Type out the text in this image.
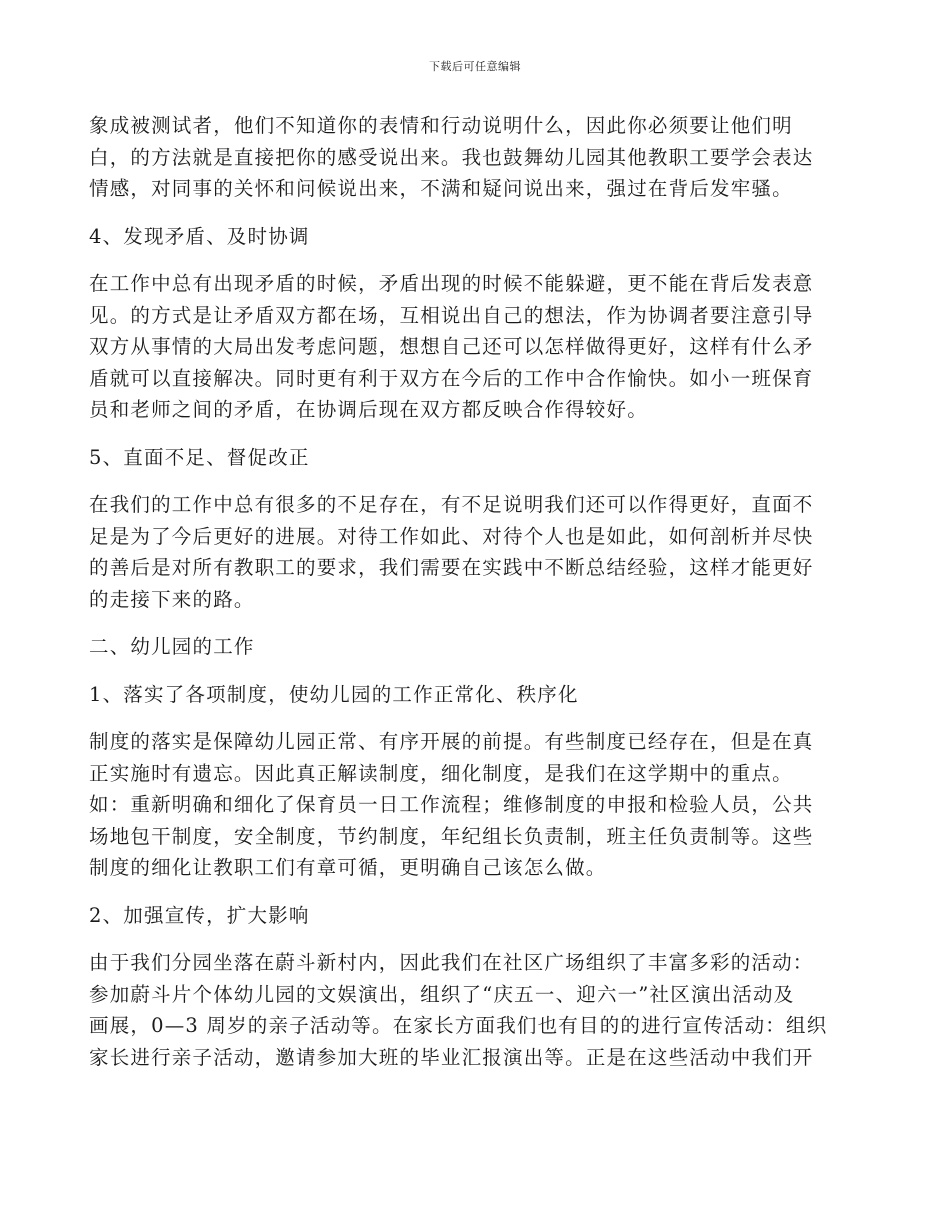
下载后可任意编辑
象成被测试者，他们不知道你的表情和行动说明什么，因此你必须要让他们明
白，的方法就是直接把你的感受说出来。我也鼓舞幼儿园其他教职工要学会表达
情感，对同事的关怀和问候说出来，不满和疑问说出来，强过在背后发牢骚。
4、发现矛盾、及时协调
在工作中总有出现矛盾的时候，矛盾出现的时候不能躲避，更不能在背后发表意
见。的方式是让矛盾双方都在场，互相说出自己的想法，作为协调者要注意引导
双方从事情的大局出发考虑问题，想想自己还可以怎样做得更好，这样有什么矛
盾就可以直接解决。同时更有利于双方在今后的工作中合作愉快。如小一班保育
员和老师之间的矛盾，在协调后现在双方都反映合作得较好。
5、直面不足、督促改正
在我们的工作中总有很多的不足存在，有不足说明我们还可以作得更好，直面不
足是为了今后更好的进展。对待工作如此、对待个人也是如此，如何剖析并尽快
的善后是对所有教职工的要求，我们需要在实践中不断总结经验，这样才能更好
的走接下来的路。
二、幼儿园的工作
1、落实了各项制度，使幼儿园的工作正常化、秩序化
制度的落实是保障幼儿园正常、有序开展的前提。有些制度已经存在，但是在真
正实施时有遗忘。因此真正解读制度，细化制度，是我们在这学期中的重点。
如：重新明确和细化了保育员一日工作流程；维修制度的申报和检验人员，公共
场地包干制度，安全制度，节约制度，年纪组长负责制，班主任负责制等。这些
制度的细化让教职工们有章可循，更明确自己该怎么做。
2、加强宣传，扩大影响
由于我们分园坐落在蔚斗新村内，因此我们在社区广场组织了丰富多彩的活动：
参加蔚斗片个体幼儿园的文娱演出，组织了“庆五一、迎六一”社区演出活动及
画展，0—3 周岁的亲子活动等。在家长方面我们也有目的的进行宣传活动：组织
家长进行亲子活动，邀请参加大班的毕业汇报演出等。正是在这些活动中我们开
